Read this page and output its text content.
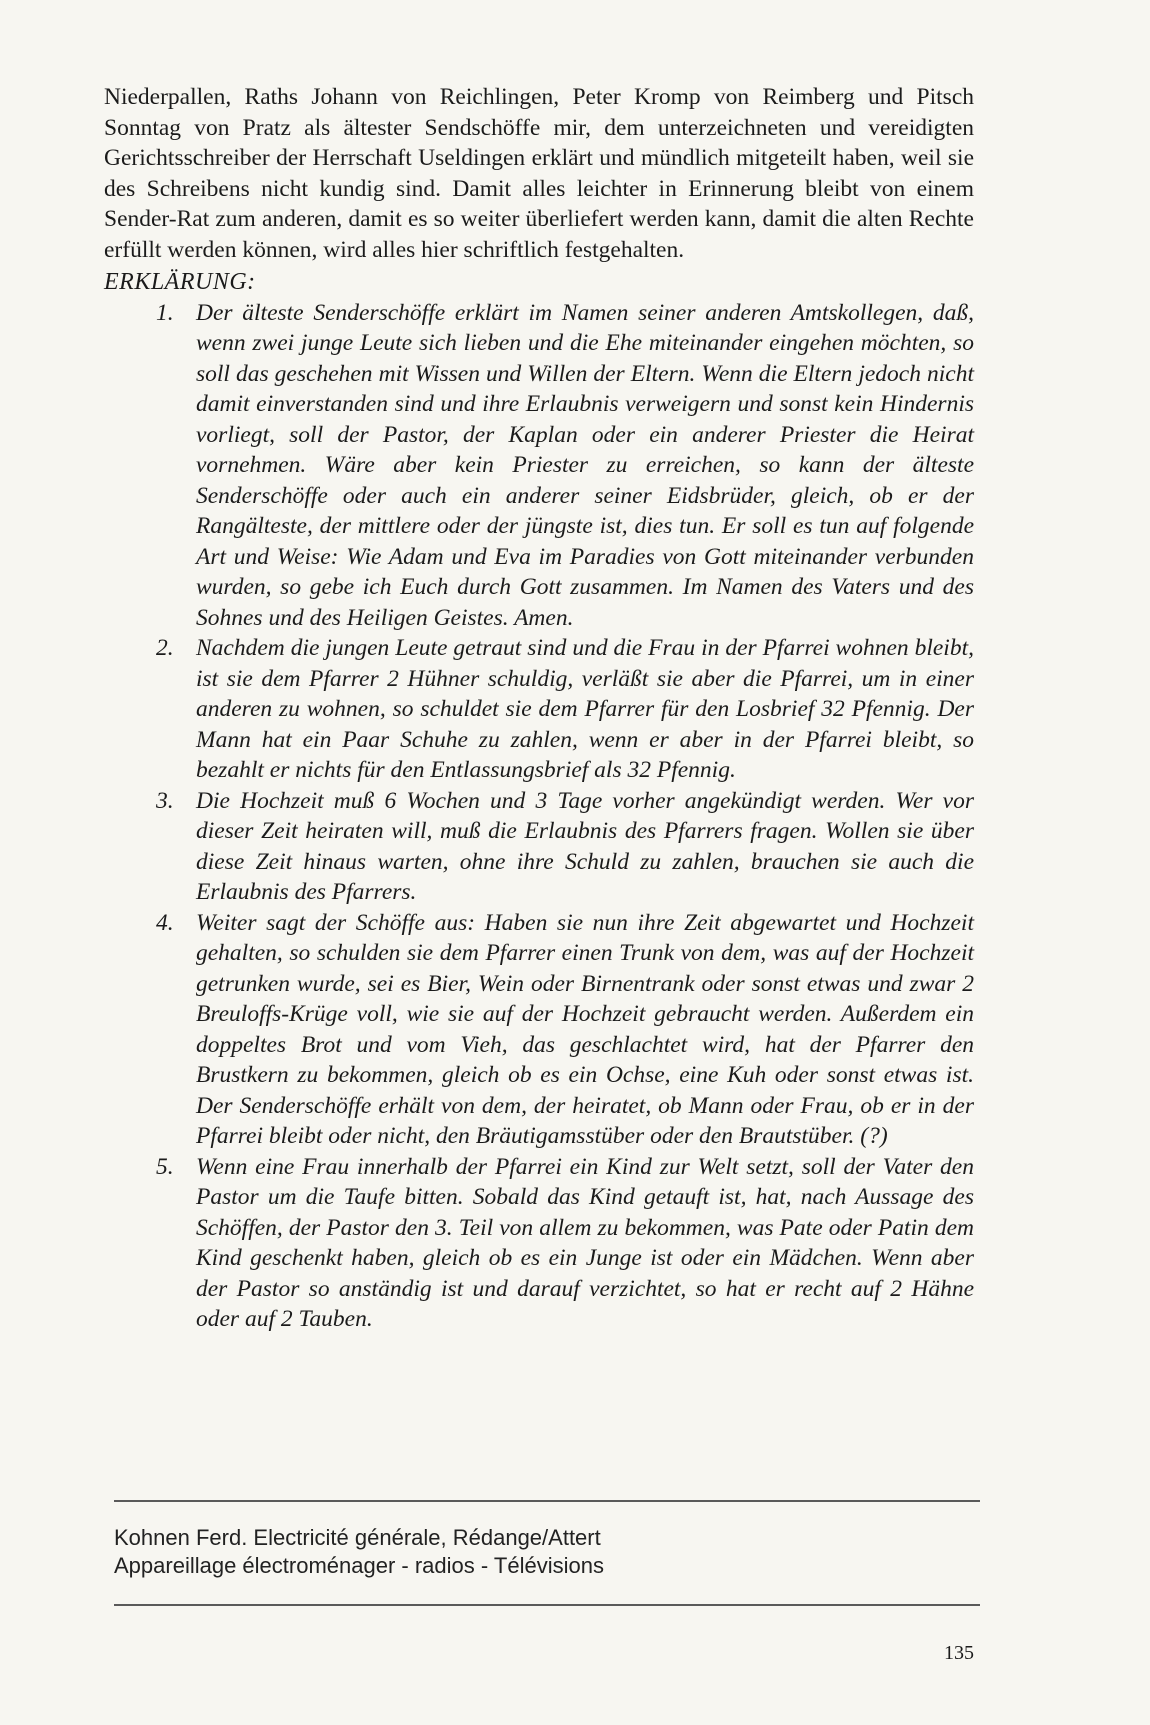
Niederpallen, Raths Johann von Reichlingen, Peter Kromp von Reimberg und Pitsch Sonntag von Pratz als ältester Sendschöffe mir, dem unterzeichneten und vereidigten Gerichtsschreiber der Herrschaft Useldingen erklärt und mündlich mitgeteilt haben, weil sie des Schreibens nicht kundig sind. Damit alles leichter in Erinnerung bleibt von einem Sender-Rat zum anderen, damit es so weiter überliefert werden kann, damit die alten Rechte erfüllt werden können, wird alles hier schriftlich festgehalten.

ERKLÄRUNG:
1. Der älteste Senderschöffe erklärt im Namen seiner anderen Amtskollegen, daß, wenn zwei junge Leute sich lieben und die Ehe miteinander eingehen möchten, so soll das geschehen mit Wissen und Willen der Eltern. Wenn die Eltern jedoch nicht damit einverstanden sind und ihre Erlaubnis verweigern und sonst kein Hindernis vorliegt, soll der Pastor, der Kaplan oder ein anderer Priester die Heirat vornehmen. Wäre aber kein Priester zu erreichen, so kann der älteste Senderschöffe oder auch ein anderer seiner Eidsbrüder, gleich, ob er der Rangälteste, der mittlere oder der jüngste ist, dies tun. Er soll es tun auf folgende Art und Weise: Wie Adam und Eva im Paradies von Gott miteinander verbunden wurden, so gebe ich Euch durch Gott zusammen. Im Namen des Vaters und des Sohnes und des Heiligen Geistes. Amen.
2. Nachdem die jungen Leute getraut sind und die Frau in der Pfarrei wohnen bleibt, ist sie dem Pfarrer 2 Hühner schuldig, verläßt sie aber die Pfarrei, um in einer anderen zu wohnen, so schuldet sie dem Pfarrer für den Losbrief 32 Pfennig. Der Mann hat ein Paar Schuhe zu zahlen, wenn er aber in der Pfarrei bleibt, so bezahlt er nichts für den Entlassungsbrief als 32 Pfennig.
3. Die Hochzeit muß 6 Wochen und 3 Tage vorher angekündigt werden. Wer vor dieser Zeit heiraten will, muß die Erlaubnis des Pfarrers fragen. Wollen sie über diese Zeit hinaus warten, ohne ihre Schuld zu zahlen, brauchen sie auch die Erlaubnis des Pfarrers.
4. Weiter sagt der Schöffe aus: Haben sie nun ihre Zeit abgewartet und Hochzeit gehalten, so schulden sie dem Pfarrer einen Trunk von dem, was auf der Hochzeit getrunken wurde, sei es Bier, Wein oder Birnentrank oder sonst etwas und zwar 2 Breuloffs-Krüge voll, wie sie auf der Hochzeit gebraucht werden. Außerdem ein doppeltes Brot und vom Vieh, das geschlachtet wird, hat der Pfarrer den Brustkern zu bekommen, gleich ob es ein Ochse, eine Kuh oder sonst etwas ist. Der Senderschöffe erhält von dem, der heiratet, ob Mann oder Frau, ob er in der Pfarrei bleibt oder nicht, den Bräutigamsstüber oder den Brautstüber. (?)
5. Wenn eine Frau innerhalb der Pfarrei ein Kind zur Welt setzt, soll der Vater den Pastor um die Taufe bitten. Sobald das Kind getauft ist, hat, nach Aussage des Schöffen, der Pastor den 3. Teil von allem zu bekommen, was Pate oder Patin dem Kind geschenkt haben, gleich ob es ein Junge ist oder ein Mädchen. Wenn aber der Pastor so anständig ist und darauf verzichtet, so hat er recht auf 2 Hähne oder auf 2 Tauben.
Kohnen Ferd. Electricité générale, Rédange/Attert
Appareillage électroménager - radios - Télévisions
135
